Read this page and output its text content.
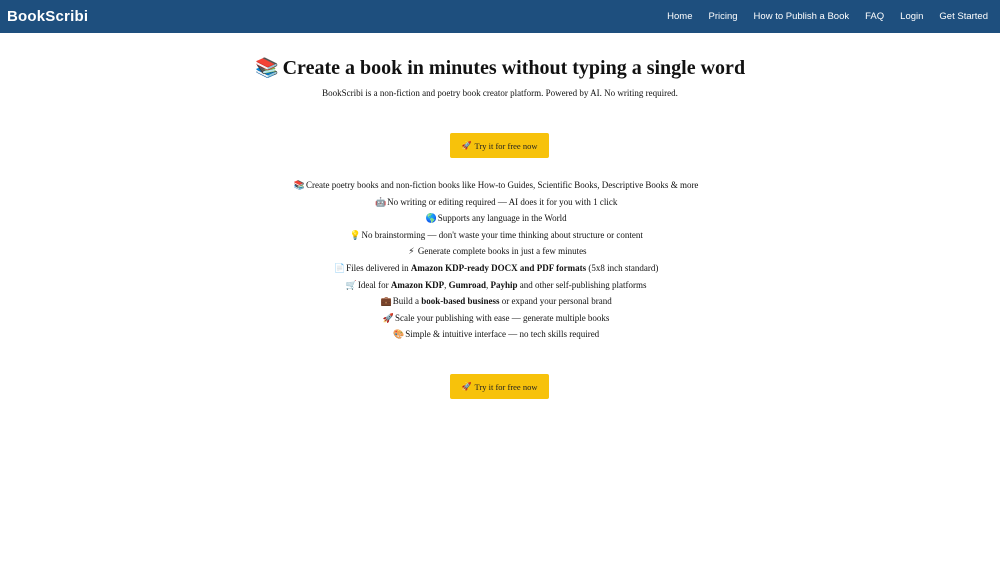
BookScribi	Home Pricing How to Publish a Book FAQ Login Get Started
📚 Create a book in minutes without typing a single word
BookScribi is a non-fiction and poetry book creator platform. Powered by AI. No writing required.
🚀 Try it for free now
📚Create poetry books and non-fiction books like How-to Guides, Scientific Books, Descriptive Books & more
🤖No writing or editing required — AI does it for you with 1 click
🌎Supports any language in the World
💡No brainstorming — don't waste your time thinking about structure or content
⚡ Generate complete books in just a few minutes
📄Files delivered in Amazon KDP-ready DOCX and PDF formats (5x8 inch standard)
🛒Ideal for Amazon KDP, Gumroad, Payhip and other self-publishing platforms
💼Build a book-based business or expand your personal brand
🚀Scale your publishing with ease — generate multiple books
🎨Simple & intuitive interface — no tech skills required
🚀 Try it for free now
